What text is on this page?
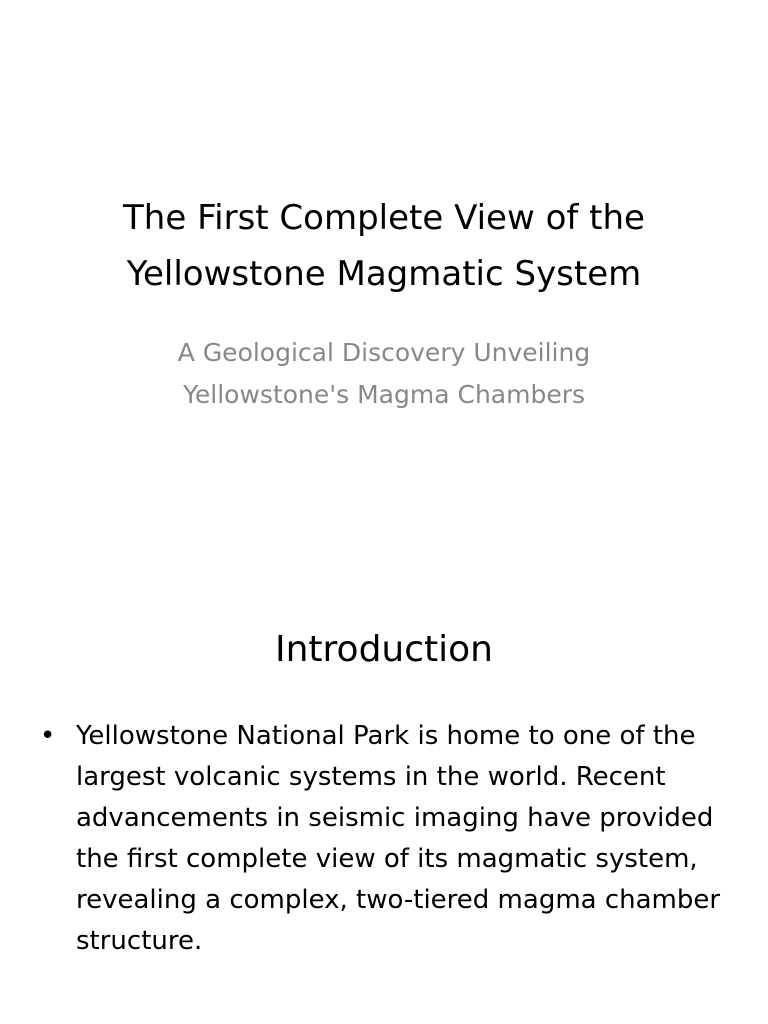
The First Complete View of the Yellowstone Magmatic System

A Geological Discovery Unveiling Yellowstone's Magma Chambers

Introduction
• Yellowstone National Park is home to one of the largest volcanic systems in the world. Recent advancements in seismic imaging have provided the first complete view of its magmatic system, revealing a complex, two-tiered magma chamber structure.
